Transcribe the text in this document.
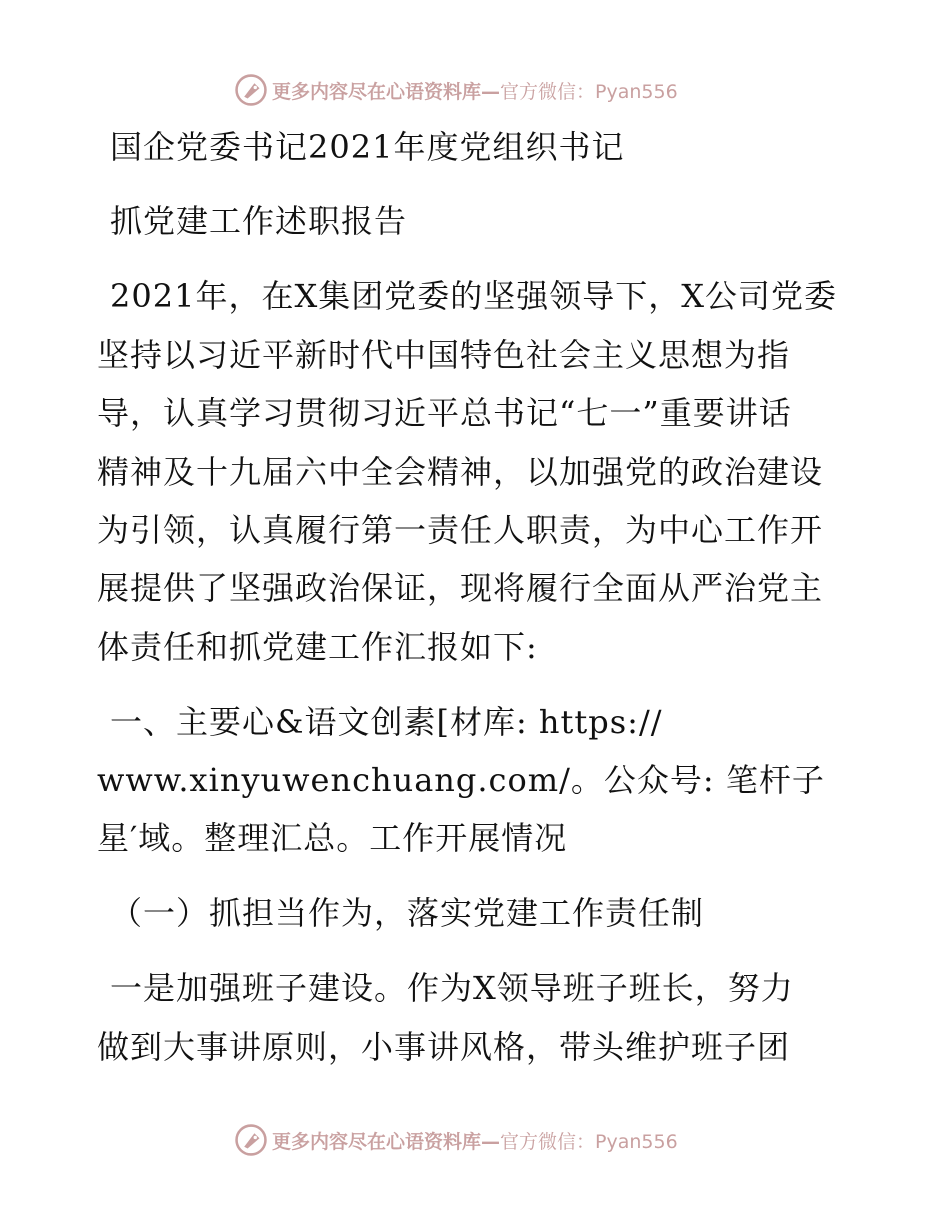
更多内容尽在心语资料库— 官方微信：Pyan556
国企党委书记2021年度党组织书记
抓党建工作述职报告
2021年，在X集团党委的坚强领导下，X公司党委
坚持以习近平新时代中国特色社会主义思想为指
导，认真学习贯彻习近平总书记“七一”重要讲话
精神及十九届六中全会精神，以加强党的政治建设
为引领，认真履行第一责任人职责，为中心工作开
展提供了坚强政治保证，现将履行全面从严治党主
体责任和抓党建工作汇报如下:
一、主要心&语文创素[材库: https://
www.xinyuwenchuang.com/。公众号: 笔杆子
星′域。整理汇总。工作开展情况
（一）抓担当作为，落实党建工作责任制
一是加强班子建设。作为X领导班子班长，努力
做到大事讲原则，小事讲风格，带头维护班子团
更多内容尽在心语资料库— 官方微信：Pyan556
